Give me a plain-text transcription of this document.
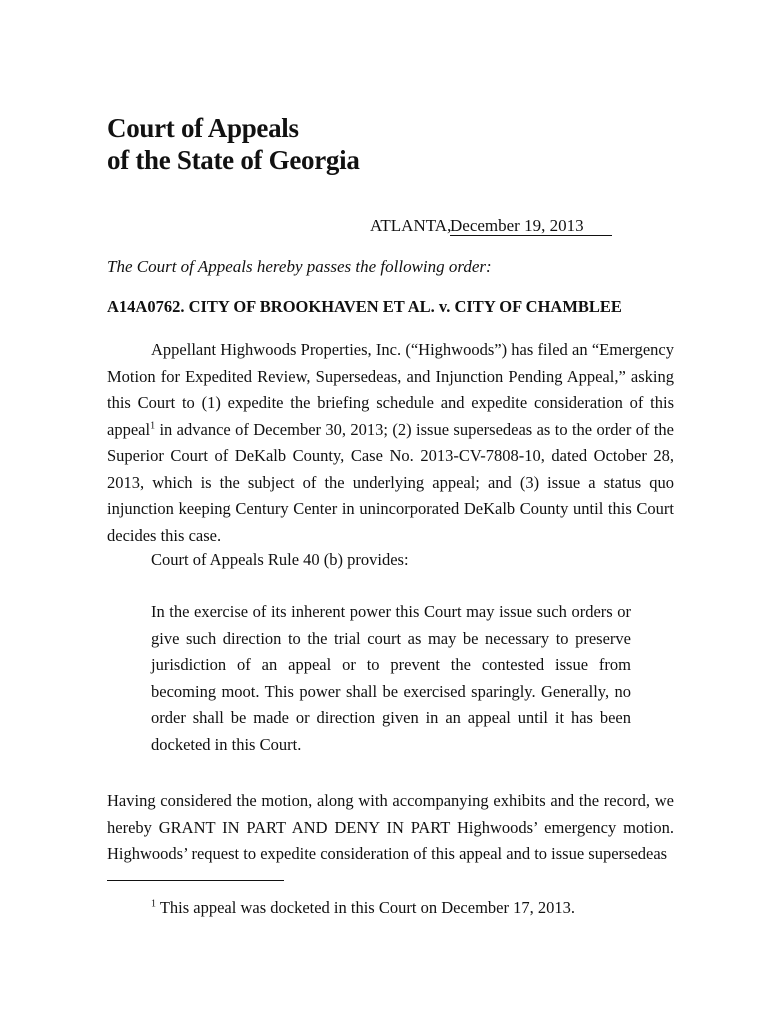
Court of Appeals
of the State of Georgia
ATLANTA,December 19, 2013

The Court of Appeals hereby passes the following order:

A14A0762. CITY OF BROOKHAVEN ET AL. v. CITY OF CHAMBLEE

Appellant Highwoods Properties, Inc. (“Highwoods”) has filed an “Emergency Motion for Expedited Review, Supersedeas, and Injunction Pending Appeal,” asking this Court to (1) expedite the briefing schedule and expedite consideration of this appeal$^1$ in advance of December 30, 2013; (2) issue supersedeas as to the order of the Superior Court of DeKalb County, Case No. 2013-CV-7808-10, dated October 28, 2013, which is the subject of the underlying appeal; and (3) issue a status quo injunction keeping Century Center in unincorporated DeKalb County until this Court decides this case.

Court of Appeals Rule 40 (b) provides:

In the exercise of its inherent power this Court may issue such orders or give such direction to the trial court as may be necessary to preserve jurisdiction of an appeal or to prevent the contested issue from becoming moot. This power shall be exercised sparingly. Generally, no order shall be made or direction given in an appeal until it has been docketed in this Court.

Having considered the motion, along with accompanying exhibits and the record, we hereby GRANT IN PART AND DENY IN PART Highwoods’ emergency motion. Highwoods’ request to expedite consideration of this appeal and to issue supersedeas

$^1$ This appeal was docketed in this Court on December 17, 2013.
